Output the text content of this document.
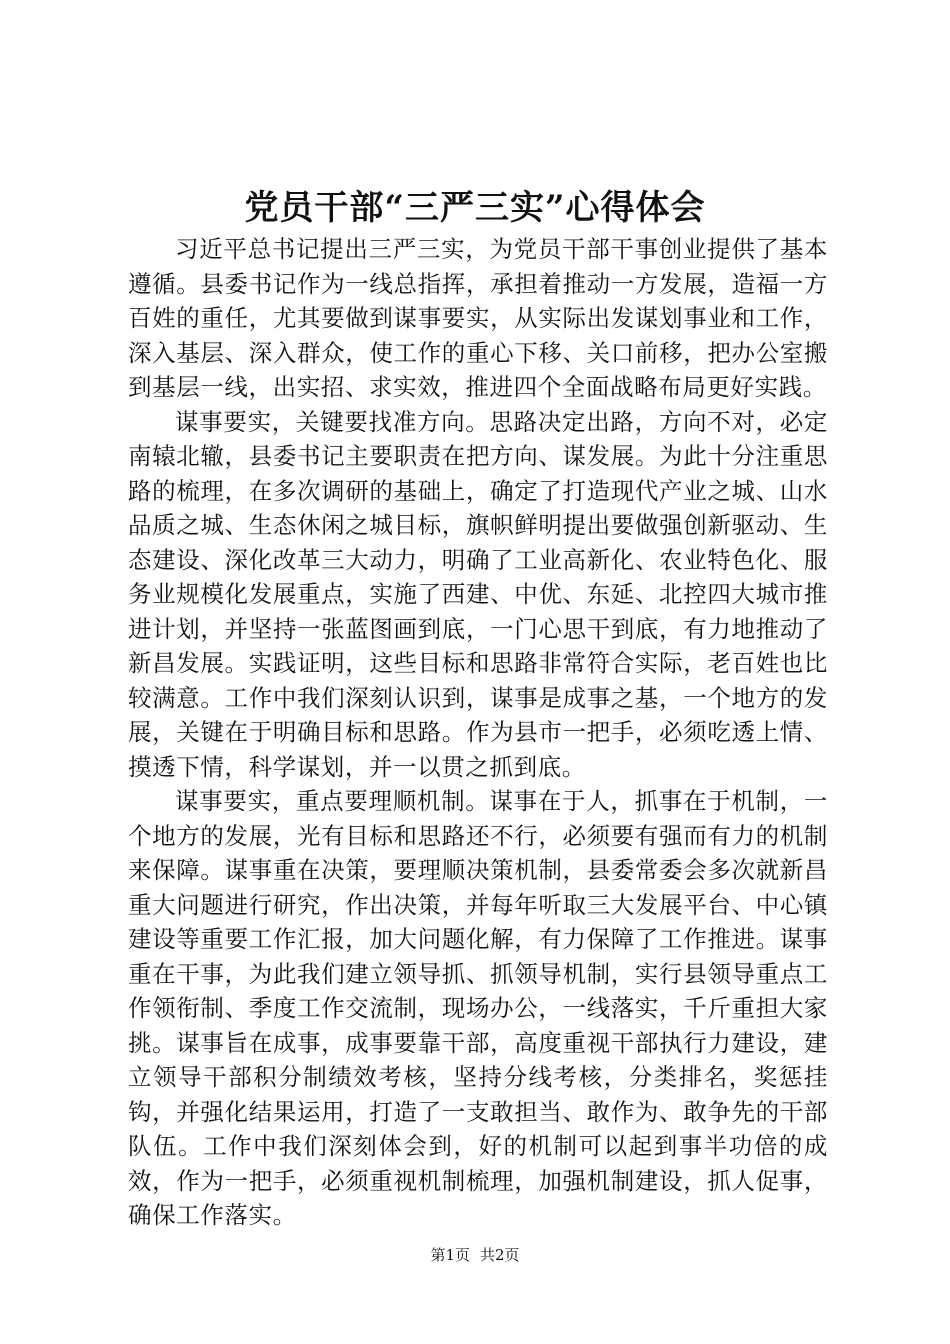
党员干部“三严三实”心得体会

习近平总书记提出三严三实，为党员干部干事创业提供了基本遵循。县委书记作为一线总指挥，承担着推动一方发展，造福一方百姓的重任，尤其要做到谋事要实，从实际出发谋划事业和工作，深入基层、深入群众，使工作的重心下移、关口前移，把办公室搬到基层一线，出实招、求实效，推进四个全面战略布局更好实践。

谋事要实，关键要找准方向。思路决定出路，方向不对，必定南辕北辙，县委书记主要职责在把方向、谋发展。为此十分注重思路的梳理，在多次调研的基础上，确定了打造现代产业之城、山水品质之城、生态休闲之城目标，旗帜鲜明提出要做强创新驱动、生态建设、深化改革三大动力，明确了工业高新化、农业特色化、服务业规模化发展重点，实施了西建、中优、东延、北控四大城市推进计划，并坚持一张蓝图画到底，一门心思干到底，有力地推动了新昌发展。实践证明，这些目标和思路非常符合实际，老百姓也比较满意。工作中我们深刻认识到，谋事是成事之基，一个地方的发展，关键在于明确目标和思路。作为县市一把手，必须吃透上情、摸透下情，科学谋划，并一以贯之抓到底。

谋事要实，重点要理顺机制。谋事在于人，抓事在于机制，一个地方的发展，光有目标和思路还不行，必须要有强而有力的机制来保障。谋事重在决策，要理顺决策机制，县委常委会多次就新昌重大问题进行研究，作出决策，并每年听取三大发展平台、中心镇建设等重要工作汇报，加大问题化解，有力保障了工作推进。谋事重在干事，为此我们建立领导抓、抓领导机制，实行县领导重点工作领衔制、季度工作交流制，现场办公，一线落实，千斤重担大家挑。谋事旨在成事，成事要靠干部，高度重视干部执行力建设，建立领导干部积分制绩效考核，坚持分线考核，分类排名，奖惩挂钩，并强化结果运用，打造了一支敢担当、敢作为、敢争先的干部队伍。工作中我们深刻体会到，好的机制可以起到事半功倍的成效，作为一把手，必须重视机制梳理，加强机制建设，抓人促事，确保工作落实。

第1页 共2页
